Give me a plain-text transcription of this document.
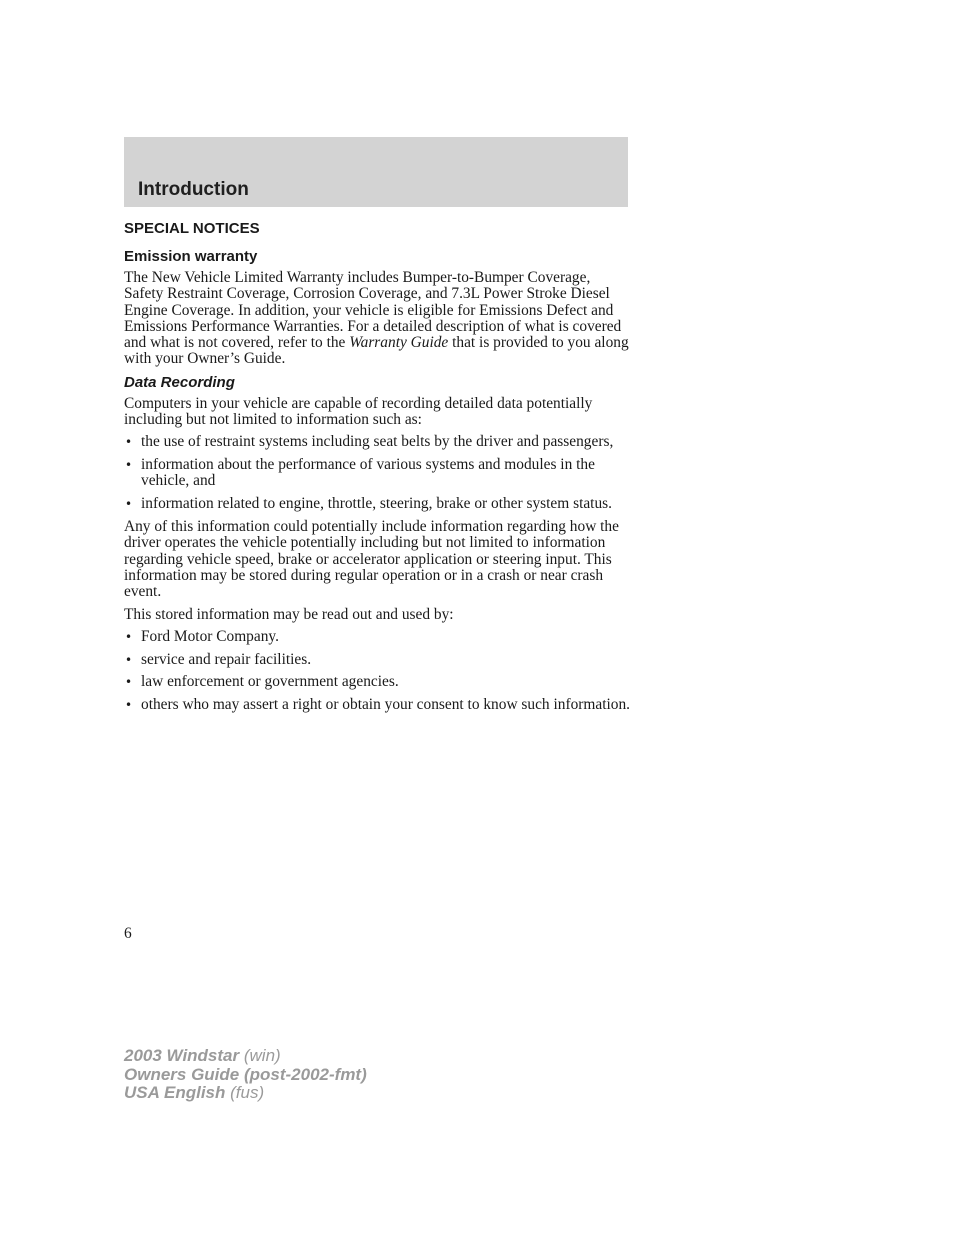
Introduction
SPECIAL NOTICES
Emission warranty

The New Vehicle Limited Warranty includes Bumper-to-Bumper Coverage, Safety Restraint Coverage, Corrosion Coverage, and 7.3L Power Stroke Diesel Engine Coverage. In addition, your vehicle is eligible for Emissions Defect and Emissions Performance Warranties. For a detailed description of what is covered and what is not covered, refer to the Warranty Guide that is provided to you along with your Owner’s Guide.

Data Recording

Computers in your vehicle are capable of recording detailed data potentially including but not limited to information such as:

• the use of restraint systems including seat belts by the driver and passengers,
• information about the performance of various systems and modules in the vehicle, and
• information related to engine, throttle, steering, brake or other system status.

Any of this information could potentially include information regarding how the driver operates the vehicle potentially including but not limited to information regarding vehicle speed, brake or accelerator application or steering input. This information may be stored during regular operation or in a crash or near crash event.

This stored information may be read out and used by:

• Ford Motor Company.
• service and repair facilities.
• law enforcement or government agencies.
• others who may assert a right or obtain your consent to know such information.
6
2003 Windstar (win)
Owners Guide (post-2002-fmt)
USA English (fus)
